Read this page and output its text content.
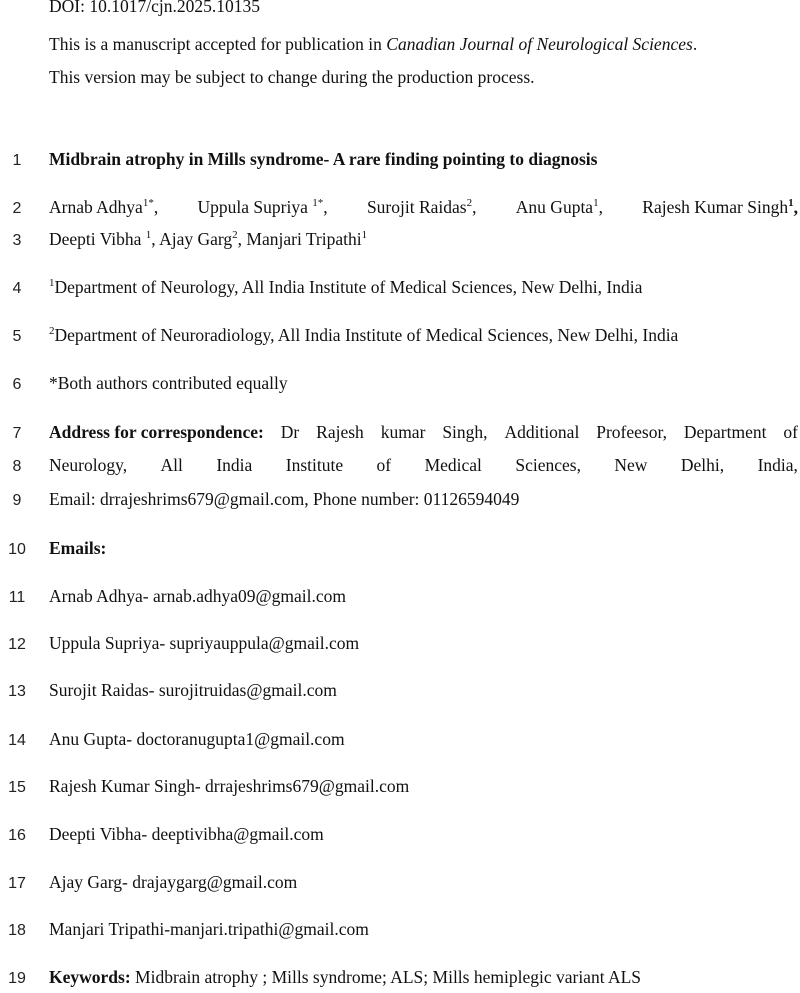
DOI: 10.1017/cjn.2025.10135
This is a manuscript accepted for publication in Canadian Journal of Neurological Sciences.
This version may be subject to change during the production process.
1	Midbrain atrophy in Mills syndrome- A rare finding pointing to diagnosis
2	Arnab Adhya$^{1*}$, Uppula Supriya $^{1*}$, Surojit Raidas$^2$, Anu Gupta$^1$, Rajesh Kumar Singh$^1$,
3	Deepti Vibha $^1$, Ajay Garg$^2$, Manjari Tripathi$^1$
4	$^1$Department of Neurology, All India Institute of Medical Sciences, New Delhi, India
5	$^2$Department of Neuroradiology, All India Institute of Medical Sciences, New Delhi, India
6	*Both authors contributed equally
7	Address for correspondence: Dr Rajesh kumar Singh, Additional Profeesor, Department of
8	Neurology, All India Institute of Medical Sciences, New Delhi, India,
9	Email: drrajeshrims679@gmail.com, Phone number: 01126594049
10	Emails:
11	Arnab Adhya- arnab.adhya09@gmail.com
12	Uppula Supriya- supriyauppula@gmail.com
13	Surojit Raidas- surojitruidas@gmail.com
14	Anu Gupta- doctoranugupta1@gmail.com
15	Rajesh Kumar Singh- drrajeshrims679@gmail.com
16	Deepti Vibha- deeptivibha@gmail.com
17	Ajay Garg- drajaygarg@gmail.com
18	Manjari Tripathi-manjari.tripathi@gmail.com
19	Keywords: Midbrain atrophy ; Mills syndrome; ALS; Mills hemiplegic variant ALS
